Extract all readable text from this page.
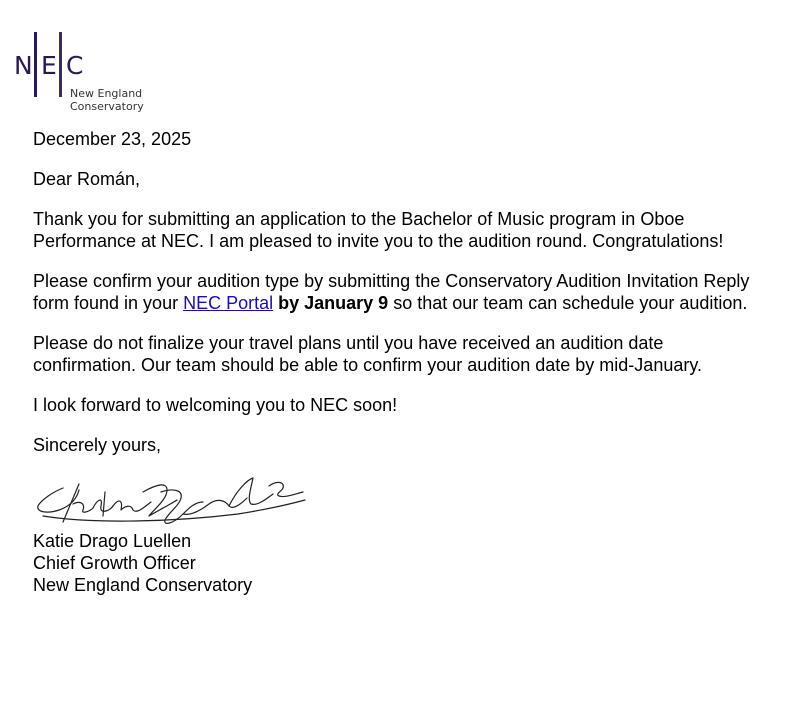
N E C
New England
Conservatory

December 23, 2025

Dear Román,

Thank you for submitting an application to the Bachelor of Music program in Oboe Performance at NEC. I am pleased to invite you to the audition round. Congratulations!

Please confirm your audition type by submitting the Conservatory Audition Invitation Reply form found in your NEC Portal by January 9 so that our team can schedule your audition.

Please do not finalize your travel plans until you have received an audition date confirmation. Our team should be able to confirm your audition date by mid-January.

I look forward to welcoming you to NEC soon!

Sincerely yours,

Katie Drago Luellen
Chief Growth Officer
New England Conservatory
